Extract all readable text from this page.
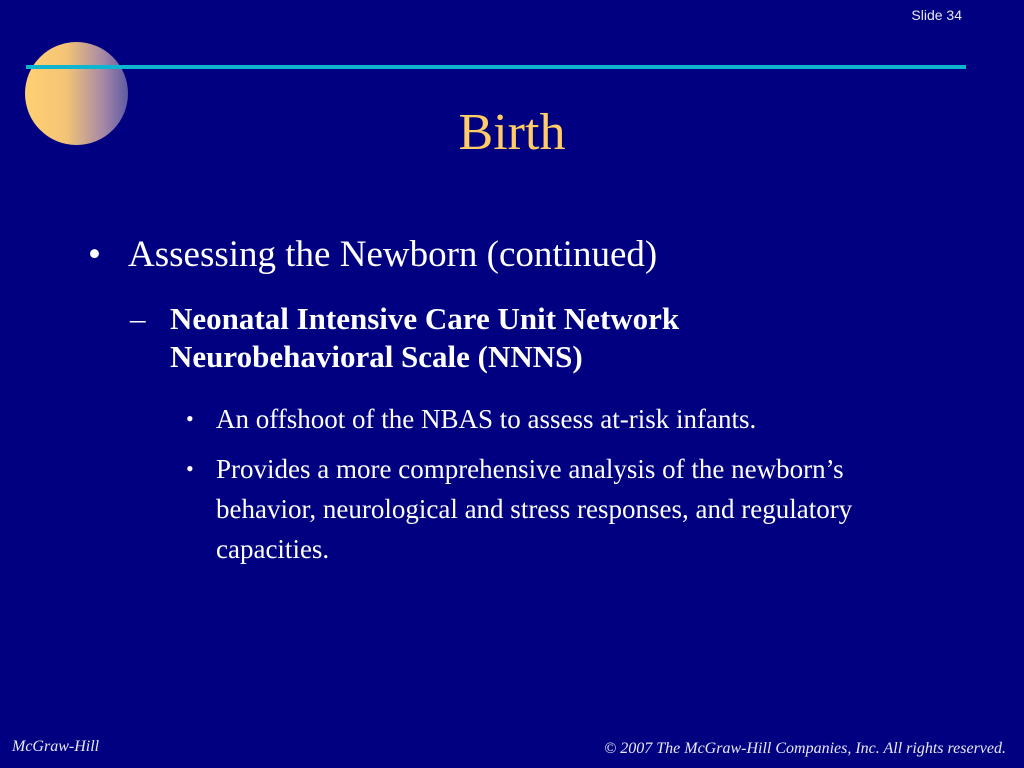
Slide 34
Birth
• Assessing the Newborn (continued)
– Neonatal Intensive Care Unit Network Neurobehavioral Scale (NNNS)
• An offshoot of the NBAS to assess at-risk infants.
• Provides a more comprehensive analysis of the newborn’s behavior, neurological and stress responses, and regulatory capacities.
McGraw-Hill	© 2007 The McGraw-Hill Companies, Inc. All rights reserved.
